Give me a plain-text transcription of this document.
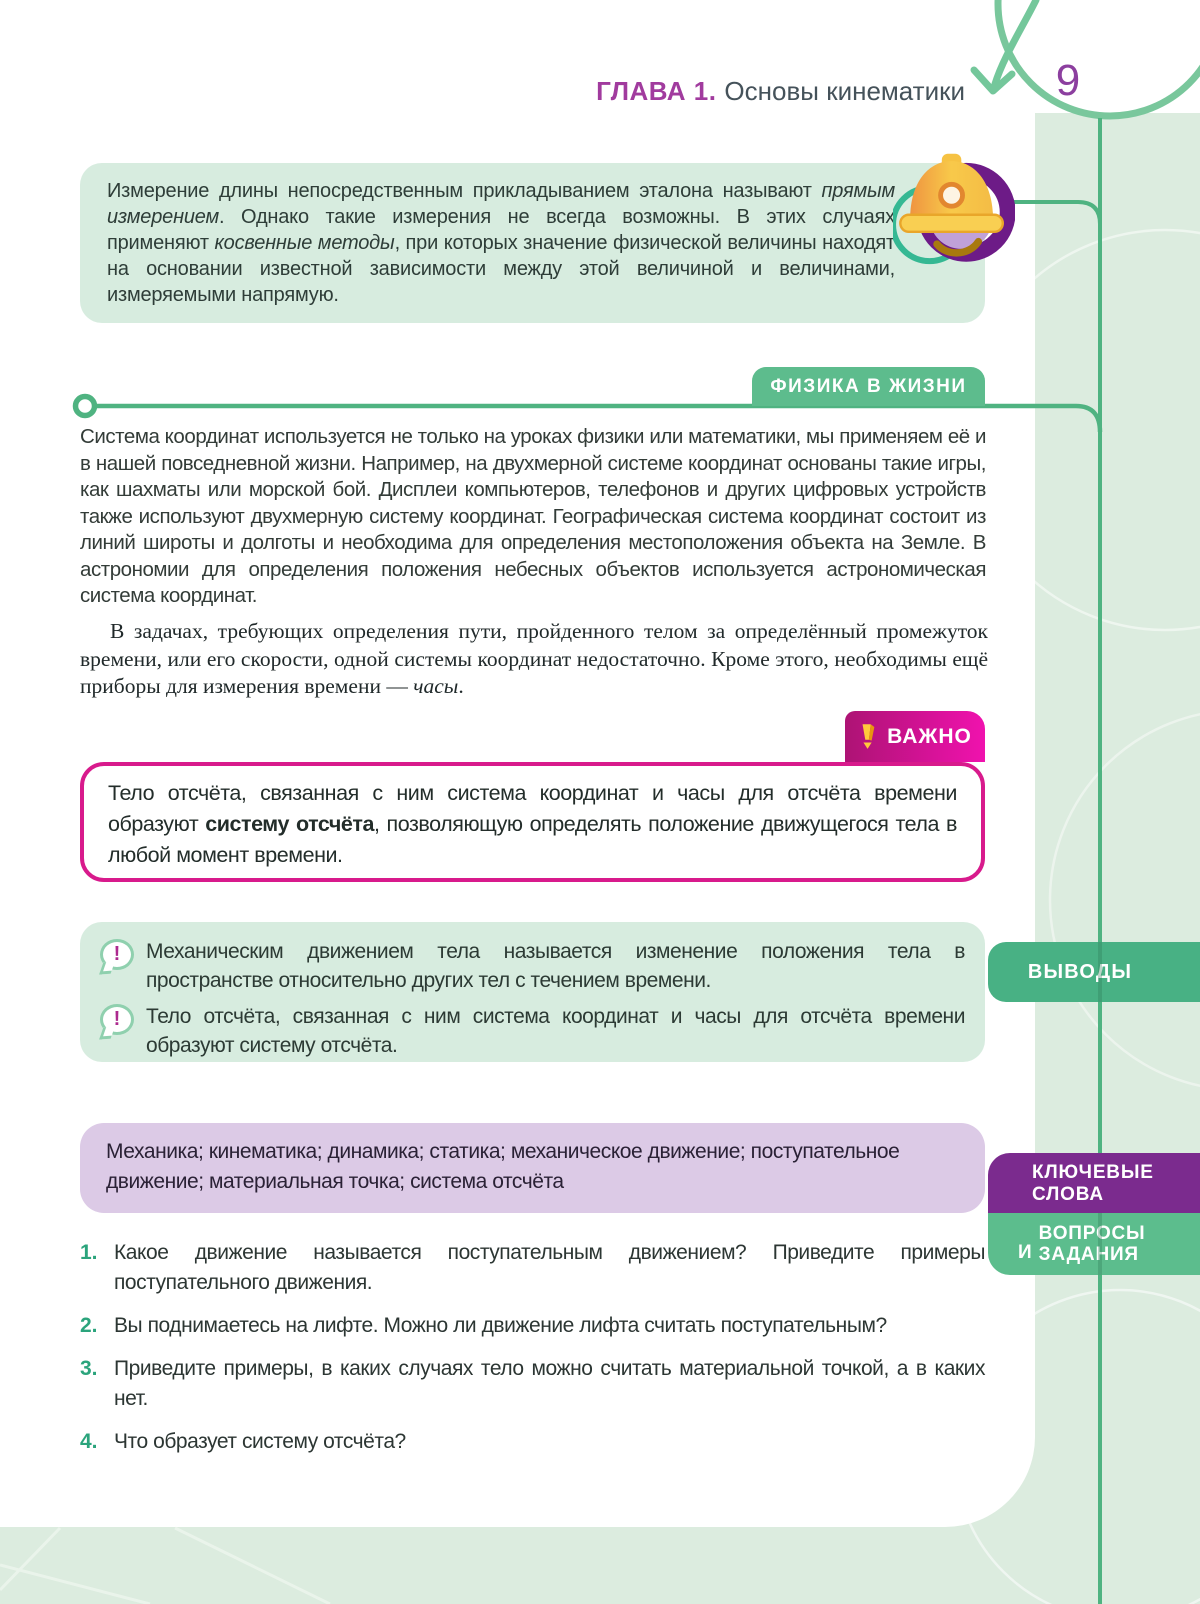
ГЛАВА 1. Основы кинематики	9
Измерение длины непосредственным прикладыванием эталона называют прямым измерением. Однако такие измерения не всегда возможны. В этих случаях применяют косвенные методы, при которых значение физической величины находят на основании известной зависимости между этой величиной и величинами, измеряемыми напрямую.
ФИЗИКА В ЖИЗНИ

Система координат используется не только на уроках физики или математики, мы применяем её и в нашей повседневной жизни. Например, на двухмерной системе координат основаны такие игры, как шахматы или морской бой. Дисплеи компьютеров, телефонов и других цифровых устройств также используют двухмерную систему координат. Географическая система координат состоит из линий широты и долготы и необходима для определения местоположения объекта на Земле. В астрономии для определения положения небесных объектов используется астрономическая система координат.

В задачах, требующих определения пути, пройденного телом за определённый промежуток времени, или его скорости, одной системы координат недостаточно. Кроме этого, необходимы ещё приборы для измерения времени — часы.

ВАЖНО
Тело отсчёта, связанная с ним система координат и часы для отсчёта времени образуют систему отсчёта, позволяющую определять положение движущегося тела в любой момент времени.
! Механическим движением тела называется изменение положения тела в пространстве относительно других тел с течением времени.

! Тело отсчёта, связанная с ним система координат и часы для отсчёта времени образуют систему отсчёта.

ВЫВОДЫ
Механика; кинематика; динамика; статика; механическое движение; поступательное движение; материальная точка; система отсчёта	КЛЮЧЕВЫЕ
СЛОВА
И
ВОПРОСЫ
ЗАДАНИЯ
1. Какое движение называется поступательным движением? Приведите примеры поступательного движения.
2. Вы поднимаетесь на лифте. Можно ли движение лифта считать поступательным?
3. Приведите примеры, в каких случаях тело можно считать материальной точкой, а в каких нет.
4. Что образует систему отсчёта?
